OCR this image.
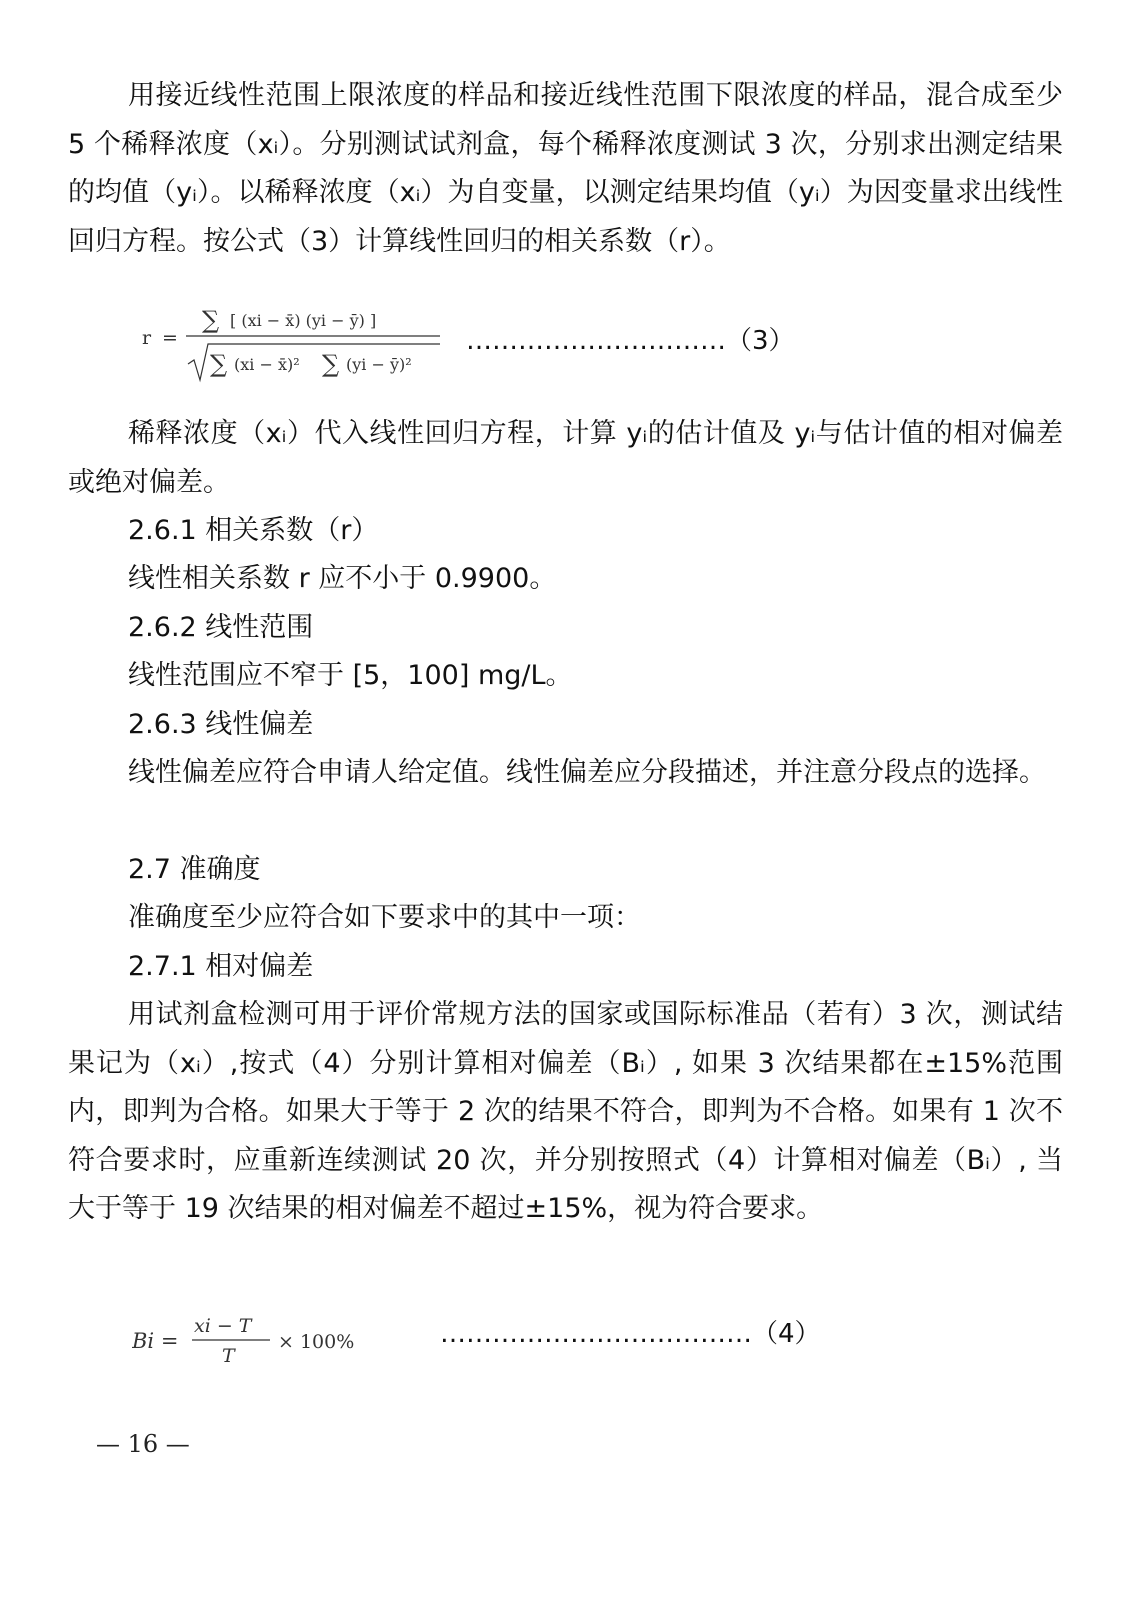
用接近线性范围上限浓度的样品和接近线性范围下限浓度的样品，混合成至少 5 个稀释浓度（xᵢ）。分别测试试剂盒，每个稀释浓度测试 3 次，分别求出测定结果的均值（yᵢ）。以稀释浓度（xᵢ）为自变量，以测定结果均值（yᵢ）为因变量求出线性回归方程。按公式（3）计算线性回归的相关系数（r）。

r =
∑ [ (xi − x̄) (yi − ȳ) ]
∑ (xi − x̄)² ∑ (yi − ȳ)²
…………………………（3）

稀释浓度（xᵢ）代入线性回归方程，计算 yᵢ的估计值及 yᵢ与估计值的相对偏差或绝对偏差。

2.6.1 相关系数（r）

线性相关系数 r 应不小于 0.9900。

2.6.2 线性范围

线性范围应不窄于 [5，100] mg/L。

2.6.3 线性偏差

线性偏差应符合申请人给定值。线性偏差应分段描述，并注意分段点的选择。

2.7 准确度

准确度至少应符合如下要求中的其中一项：

2.7.1 相对偏差

用试剂盒检测可用于评价常规方法的国家或国际标准品（若有）3 次，测试结果记为（xᵢ）,按式（4）分别计算相对偏差（Bᵢ）, 如果 3 次结果都在±15%范围内，即判为合格。如果大于等于 2 次的结果不符合，即判为不合格。如果有 1 次不符合要求时，应重新连续测试 20 次，并分别按照式（4）计算相对偏差（Bᵢ）, 当大于等于 19 次结果的相对偏差不超过±15%，视为符合要求。

Bi =
xi − T
T
× 100%	………………………………（4）
— 16 —
